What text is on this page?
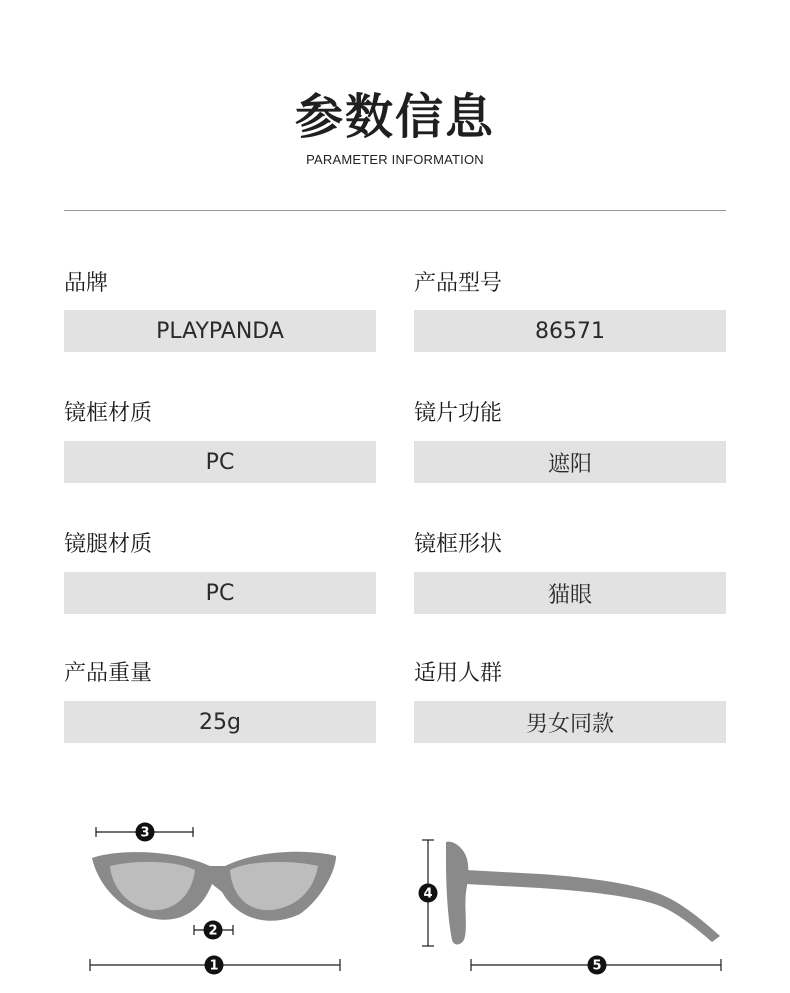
参数信息
PARAMETER INFORMATION
品牌
PLAYPANDA
产品型号
86571
镜框材质
PC
镜片功能
遮阳
镜腿材质
PC
镜框形状
猫眼
产品重量
25g
适用人群
男女同款
3
2
1
4
5
